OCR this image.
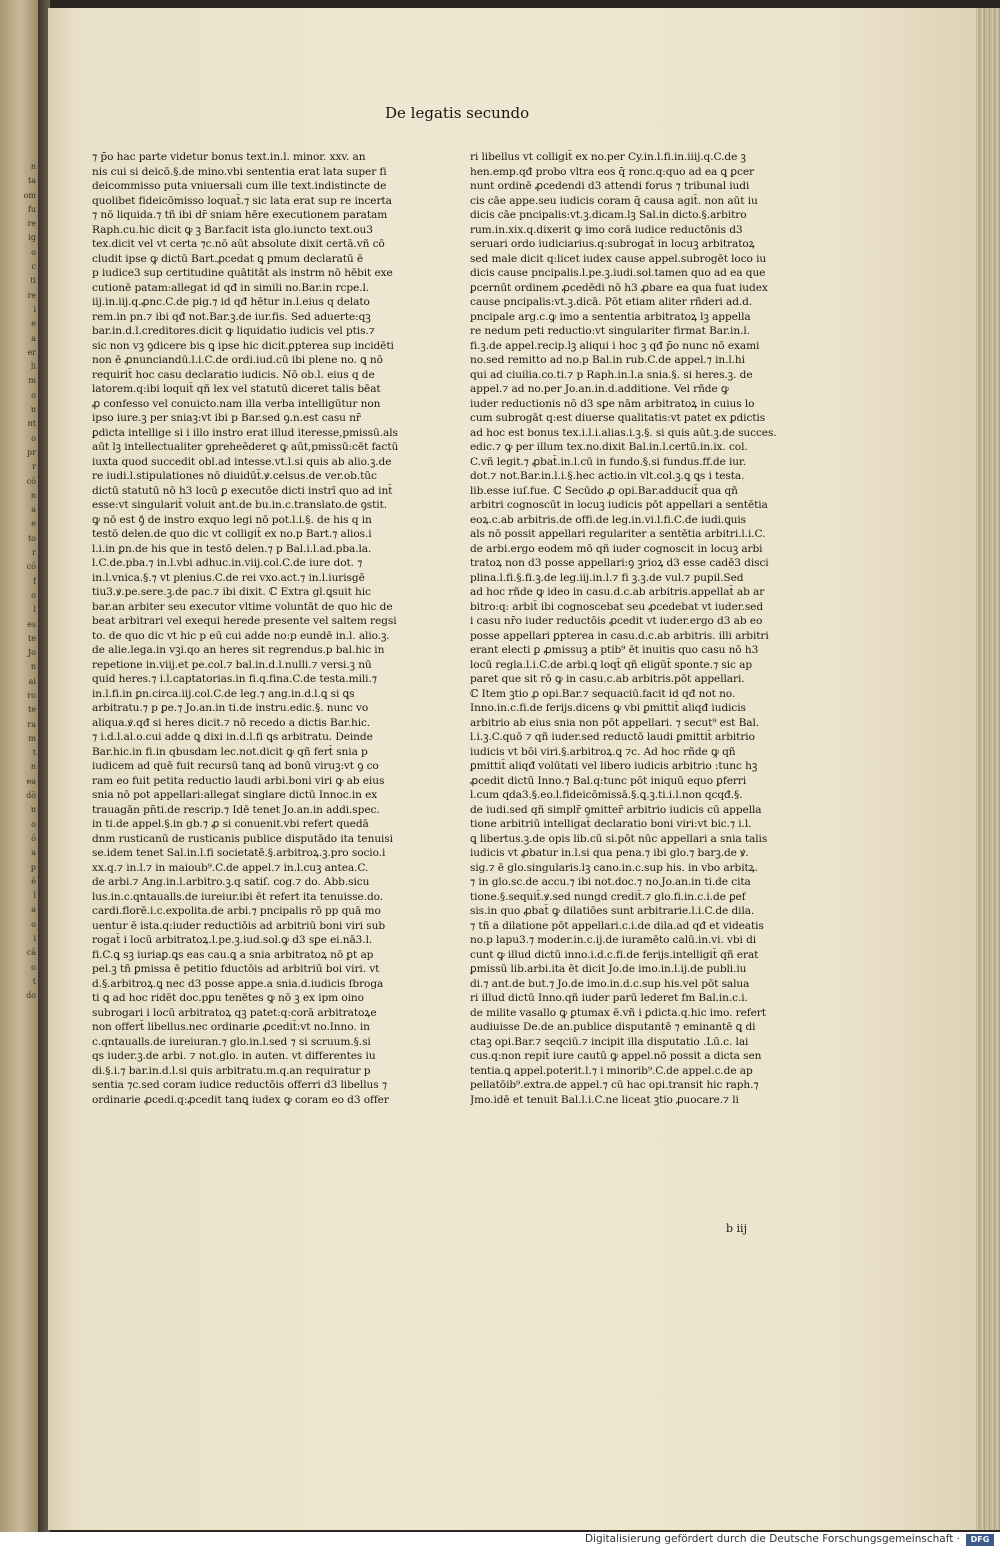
n
ta
om
fu
re
ig
o
c
ti
re
i
e
a
er
li
m
o
n
nt
o
pr
r
cō
n
a
e
to
r
cō
f
o
l
es
te
Jo
n
ai
ro
te
ra
m
t
n
ea
dō
n
o
ō
a
p
ē
l
a
o
i
cā
o
t
do
De legatis secundo
⁊ p̄o hac parte videtur bonus text.in.l. minor. xxv. an
nis cui si deicō.§.de mino.vbi sententia erat lata super fi
deicommisso puta vniuersali cum ille text.indistincte de
quolibet fideicōmisso loquat̄.⁊ sic lata erat sup re incerta
⁊ nō liquida.⁊ tñ ibi dr̄ sniam hēre executionem paratam
Raph.cu.hic dicit ꝙ ꝫ Bar.facit ista glo.iuncto text.ou3
tex.dicit vel vt certa ⁊c.nō aūt absolute dixit certā.vñ cō
cludit ipse ꝙ dictū Bart.ꝓcedat ꝗ pmum declaratū ē
p iudice3 sup certitudine quātitāt als instrm nō hēbit exe
cutionē patam:allegat id qđ in simili no.Bar.in rcpe.l.
iij.in.iij.q.ꝓnc.C.de pig.⁊ id qđ hētur in.l.eius q delato
rem.in pn.⁊ ibi qđ not.Bar.ꝫ.de iur.fis. Sed aduerte:qꝫ
bar.in.d.l.creditores.dicit ꝙ liquidatio iudicis vel ptis.⁊
sic non vꝫ ꝯdicere bis ꝗ ipse hic dicit.ꝑpterea sup incidēti
non ē ꝓnunciandū.l.i.C.de ordi.iud.cū ibi plene no. ꝗ nō
requirit̄ hoc casu declaratio iudicis. Nō ob.l. eius q de
latorem.q:ibi loquit̄ qñ lex vel statutū diceret talis bēat
ꝓ confesso vel conuicto.nam illa verba intelligūtur non
ipso iure.ꝫ per sniaꝫ:vt ibi p Bar.sed ꝯ.n.est casu nr̄
ꝑdicta intellige si i illo instro erat illud iteresse,pmissū.als
aūt lꝫ intellectualiter ꝯpreheēderet ꝙ aūt,pmissū:cēt factū
iuxta quod succedit obl.ad intesse.vt.l.si quis ab alio.ꝫ.de
re iudi.l.stipulationes nō diuidūt̄.ꝟ.celsus.de ver.ob.tūc
dictū statutū nō h3 locū ꝑ executōe dicti instrī quo ad int̄
esse:vt singularit̄ voluit ant.de bu.in.c.translato.de ꝯstit.
ꝙ nō est ꝯ̄ de instro exquo legi nō pot.l.i.§. de his q in
testō delen.de quo dic vt colligit̄ ex no.p Bart.⁊ alios.i
l.i.in ꝑn.de his que in testō delen.⁊ p Bal.i.l.ad.pba.la.
l.C.de.pba.⁊ in.l.vbi adhuc.in.viij.col.C.de iure dot. ⁊
in.l.vnica.§.⁊ vt plenius.C.de rei vxo.act.⁊ in.l.iurisgē
tiu3.ꝟ.pe.sere.ꝫ.de pac.⁊ ibi dixit. ℂ Extra gl.ꝗsuit hic
bar.an arbiter seu executor vltime voluntāt de quo hic de
beat arbitrari vel exequi herede presente vel saltem regsi
to. de quo dic vt hic p eū cui adde no:p eundē in.l. alio.ꝫ.
de alie.lega.in vꝫi.qo an heres sit regrendus.p bal.hic in
repetione in.viij.et pe.col.⁊ bal.in.d.l.nulli.⁊ versi.ꝫ nū
quid heres.⁊ i.l.captatorias.in fi.q.fina.C.de testa.mili.⁊
in.l.fi.in ꝑn.circa.iij.col.C.de leg.⁊ ang.in.d.l.ꝗ si ꝗs
arbitratu.⁊ p ꝑe.⁊ Jo.an.in ti.de instru.edic.§. nunc vo
aliqua.ꝟ.qđ si heres dicit.⁊ nō recedo a dictis Bar.hic.
⁊ i.d.l.al.o.cui adde ꝗ dixi in.d.l.fi ꝗs arbitratu. Deinde
Bar.hic.in fi.in qbusdam lec.not.dicit ꝙ qñ fert̄ snia p
iudicem ad quē fuit recursū tanꝗ ad bonū viruꝫ:vt ꝯ co
ram eo fuit petita reductio laudi arbi.boni viri ꝙ ab eius
snia nō pot appellari:allegat singlare dictū Innoc.in ex
trauagān pn̄ti.de rescrip.⁊ Idē tenet Jo.an.in addi.spec.
in ti.de appel.§.in gb.⁊ ꝓ si conuenit.vbi refert quedā
dnm rusticanū de rusticanis publice disputādo ita tenuisi
se.idem tenet Sal.in.l.fi societatē.§.arbitroꝝ.ꝫ.pro socio.i
xx.q.⁊ in.l.⁊ in maioub⁹.C.de appel.⁊ in.l.cuꝫ antea.C.
de arbi.⁊ Ang.in.l.arbitro.ꝫ.q satiſ. cog.⁊ do. Abb.sicu
lus.in.c.qntaualls.de iureiur.ibi ēt refert ita tenuisse.do.
cardi.florē.i.c.expolita.de arbi.⁊ pncipalis rō pp quā mo
uentur ē ista.q:iuder reductiōis ad arbitriū boni viri sub
rogat̄ i locū arbitratoꝝ.l.pe.ꝫ.iud.sol.ꝙ d3 sꝑe ei.nā3.l.
fi.C.ꝗ sꝫ iuriaꝑ.ꝗs eas cau.ꝗ a snia arbitratoꝝ nō ꝑt ap
pel.ꝫ tñ ꝑmissa ē petitio fductōis ad arbitriū boi viri. vt
d.§.arbitroꝝ.ꝗ nec d3 posse appe.a snia.d.iudicis ſbroga
ti ꝗ ad hoc ridēt doc.pꝑu tenētes ꝙ nō ꝫ ex ipm oino
subrogari i locū arbitratoꝝ qꝫ patet:q:corā arbitratoꝝe
non offert̄ libellus.nec ordinarie ꝓcedit̄:vt no.Inno. in
c.qntaualls.de iureiuran.⁊ glo.in.l.sed ⁊ si scruum.§.si
qs iuder.ꝫ.de arbi. ⁊ not.glo. in auten. vt differentes iu
di.§.i.⁊ bar.in.d.l.si quis arbitratu.m.q.an requiratur p
sentia ⁊c.sed coram iudice reductōis offerri d3 libellus ⁊
ordinarie ꝓcedi.q:ꝓcedit tanꝗ iudex ꝙ coram eo d3 offer
ri libellus vt colligit̄ ex no.per Cy.in.l.fi.in.iiij.q.C.de ꝫ
hen.emp.qđ probo vltra eos q̄ ronc.q:quo ad ea ꝗ ꝑcer
nunt ordinē ꝓcedendi d3 attendi forus ⁊ tribunal iudi
cis cāe appe.seu iudicis coram q̄ causa agit̄. non aūt iu
dicis cāe pncipalis:vt.ꝫ.dicam.lꝫ Sal.in dicto.§.arbitro
rum.in.xix.q.dixerit ꝙ imo corā iudice reductōnis d3
seruari ordo iudiciarius.q:subrogat̄ in locuꝫ arbitratoꝝ
sed male dicit q:licet iudex cause appel.subrogēt loco iu
dicis cause pncipalis.l.pe.ꝫ.iudi.sol.tamen quo ad ea que
ꝑcernūt ordinem ꝓcedēdi nō h3 ꝓbare ea qua fuat iudex
cause pncipalis:vt.ꝫ.dicā. Pōt etiam aliter rñderi ad.d.
pncipale arg.c.ꝙ imo a sententia arbitratoꝝ lꝫ appella
re nedum peti reductio:vt singulariter firmat Bar.in.l.
fi.ꝫ.de appel.recip.lꝫ aliqui i hoc ꝫ qđ p̄o nunc nō exami
no.sed remitto ad no.p Bal.in rub.C.de appel.⁊ in.l.hi
qui ad ciuilia.co.ti.⁊ p Raph.in.l.a snia.§. si heres.ꝫ. de
appel.⁊ ad no.per Jo.an.in.d.additione. Vel rñde ꝙ
iuder reductionis nō d3 sꝑe nām arbitratoꝝ in cuius lo
cum subrogāt q:est diuerse qualitatis:vt patet ex ꝑdictis
ad hoc est bonus tex.i.l.i.alias.i.ꝫ.§. si quis aūt.ꝫ.de succes.
edic.⁊ ꝙ per illum tex.no.dixit Bal.in.l.certū.in.ix. col.
C.vñ legit.⁊ ꝓbat̄.in.l.cū in fundo.§.si fundus.ff.de iur.
dot.⁊ not.Bar.in.l.i.§.hec actio.in vlt.col.ꝫ.ꝗ ꝗs i testa.
lib.esse iuſ.fue. ℂ Secūdo ꝓ opi.Bar.adducit̄ qua qñ
arbitri cognoscūt in locuꝫ iudicis pōt appellari a sentētia
eoꝝ.c.ab arbitris.de offi.de leg.in.vi.l.fi.C.de iudi.ꝗuis
als nō possit appellari regulariter a sentētia arbitri.l.i.C.
de arbi.ergo eodem mō qñ iuder cognoscit in locuꝫ arbi
tratoꝝ non d3 posse appellari:ꝯ ꝫrioꝝ d3 esse cadē3 disci
plina.l.fi.§.fi.ꝫ.de leg.iij.in.l.⁊ fi ꝫ.ꝫ.de vul.⁊ pupil.Sed
ad hoc rñde ꝙ ideo in casu.d.c.ab arbitris.appellat̄ ab ar
bitro:q: arbit̄ ibi cognoscebat seu ꝓcedebat vt iuder.sed
i casu nr̄o iuder reductōis ꝓcedit vt iuder.ergo d3 ab eo
posse appellari ꝑpterea in casu.d.c.ab arbitris. illi arbitri
erant electi ꝑ ꝓmissuꝫ a ptib⁹ ēt inuitis quo casu nō h3
locū regla.l.i.C.de arbi.ꝗ loqt̄ qñ eligūt̄ sponte.⁊ sic ap
paret que sit rō ꝙ in casu.c.ab arbitris.pōt appellari.
ℂ Item ꝫtio ꝓ opi.Bar.⁊ sequaciū.facit id qđ not no.
Inno.in.c.fi.de ferijs.dicens ꝙ vbi ꝑmittit̄ aliqđ iudicis
arbitrio ab eius snia non pōt appellari. ⁊ secut⁹ est Bal.
l.i.ꝫ.C.quō ⁊ qñ iuder.sed reductō laudi ꝑmittit̄ arbitrio
iudicis vt bōi viri.§.arbitroꝝ.ꝗ ⁊c. Ad hoc rñde ꝙ qñ
ꝑmittit̄ aliqđ volūtati vel libero iudicis arbitrio :tunc hꝫ
ꝓcedit dictū Inno.⁊ Bal.q:tunc pōt iniquū equo ꝑferri
l.cum qda3.§.eo.l.fideicōmissā.§.ꝗ.ꝫ.ti.i.l.non qcqđ.§.
de iudi.sed qñ simplr̄ ꝯmitter̄ arbitrio iudicis cū appella
tione arbitriū intelligat̄ declaratio boni viri:vt bic.⁊ i.l.
ꝗ libertus.ꝫ.de opis lib.cū si.pōt nūc appellari a snia talis
iudicis vt ꝓbatur in.l.si qua pena.⁊ ibi glo.⁊ barꝫ.de ꝟ.
sig.⁊ ē glo.singularis.lꝫ cano.in.c.sup his. in vbo arbitꝝ.
⁊ in glo.sc.de accu.⁊ ibi not.doc.⁊ no.Jo.an.in ti.de cita
tione.§.sequit̄.ꝟ.sed nungd credit̄.⁊ glo.fi.in.c.i.de ꝑef
sis.in quo ꝓbat̄ ꝙ dilatiōes sunt arbitrarie.l.i.C.de dila.
⁊ tñ a dilatione pōt appellari.c.i.de dila.ad qđ et videatis
no.p lapu3.⁊ moder.in.c.ij.de iuramēto calū.in.vi. vbi di
cunt ꝙ illud dictū inno.i.d.c.fi.de ferijs.intelligit̄ qñ erat
ꝑmissū lib.arbi.ita ēt dicit Jo.de imo.in.l.ij.de publi.iu
di.⁊ ant.de but.⁊ Jo.de imo.in.d.c.sup his.vel pōt salua
ri illud dictū Inno.qñ iuder parū lederet fm Bal.in.c.i.
de milite vasallo ꝙ ꝑtumax ē.vñ i ꝑdicta.q.hic imo. refert
audiuisse De.de an.publice disputantē ⁊ eminantē ꝗ di
ctaꝫ opi.Bar.⁊ seqciū.⁊ incipit illa disputatio .Lū.c. lai
cus.q:non repit̄ iure cautū ꝙ appel.nō possit a dicta sen
tentia.ꝗ appel.poterit.l.⁊ i minorib⁹.C.de appel.c.de ap
pellatōib⁹.extra.de appel.⁊ cū hac opi.transit hic raph.⁊
Jmo.idē et tenuit Bal.l.i.C.ne liceat ꝫtio ꝓuocare.⁊ li
b iij
Digitalisierung gefördert durch die Deutsche Forschungsgemeinschaft ·	DFG
